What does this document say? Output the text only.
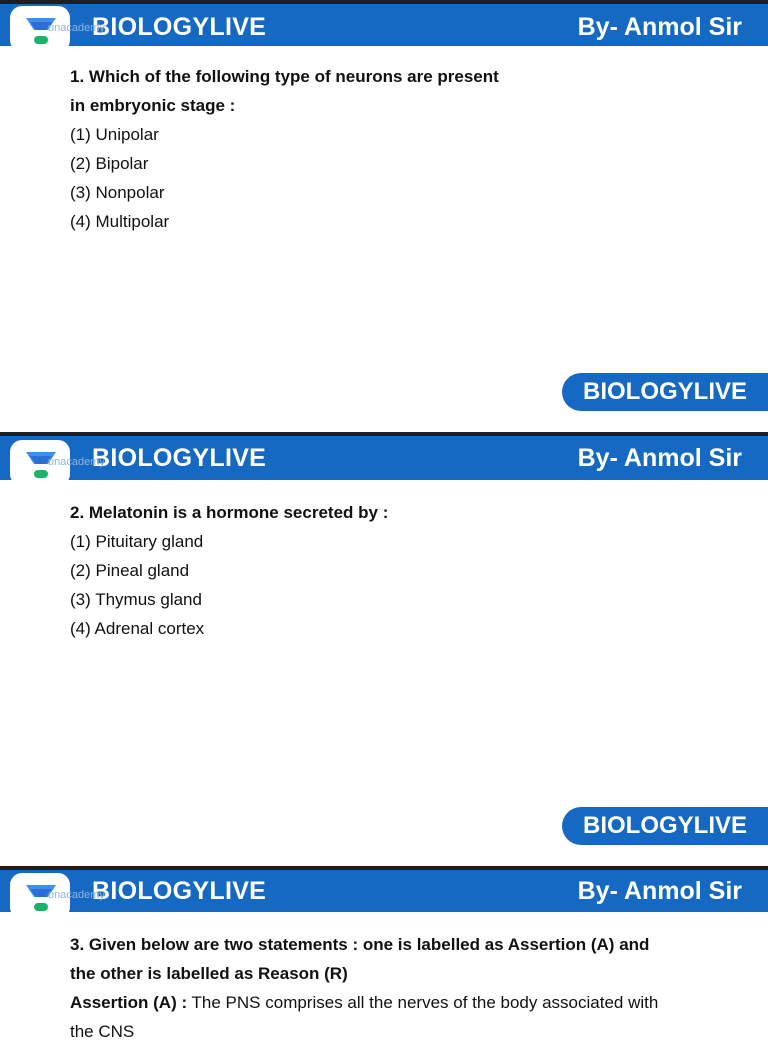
BIOLOGYLIVE	By- Anmol Sir
unacademy
1. Which of the following type of neurons are present
in embryonic stage :
(1) Unipolar
(2) Bipolar
(3) Nonpolar
(4) Multipolar
BIOLOGYLIVE
BIOLOGYLIVE	By- Anmol Sir
unacademy
2. Melatonin is a hormone secreted by :
(1) Pituitary gland
(2) Pineal gland
(3) Thymus gland
(4) Adrenal cortex
BIOLOGYLIVE
BIOLOGYLIVE	By- Anmol Sir
unacademy
3. Given below are two statements : one is labelled as Assertion (A) and
the other is labelled as Reason (R)
Assertion (A) : The PNS comprises all the nerves of the body associated with
the CNS
